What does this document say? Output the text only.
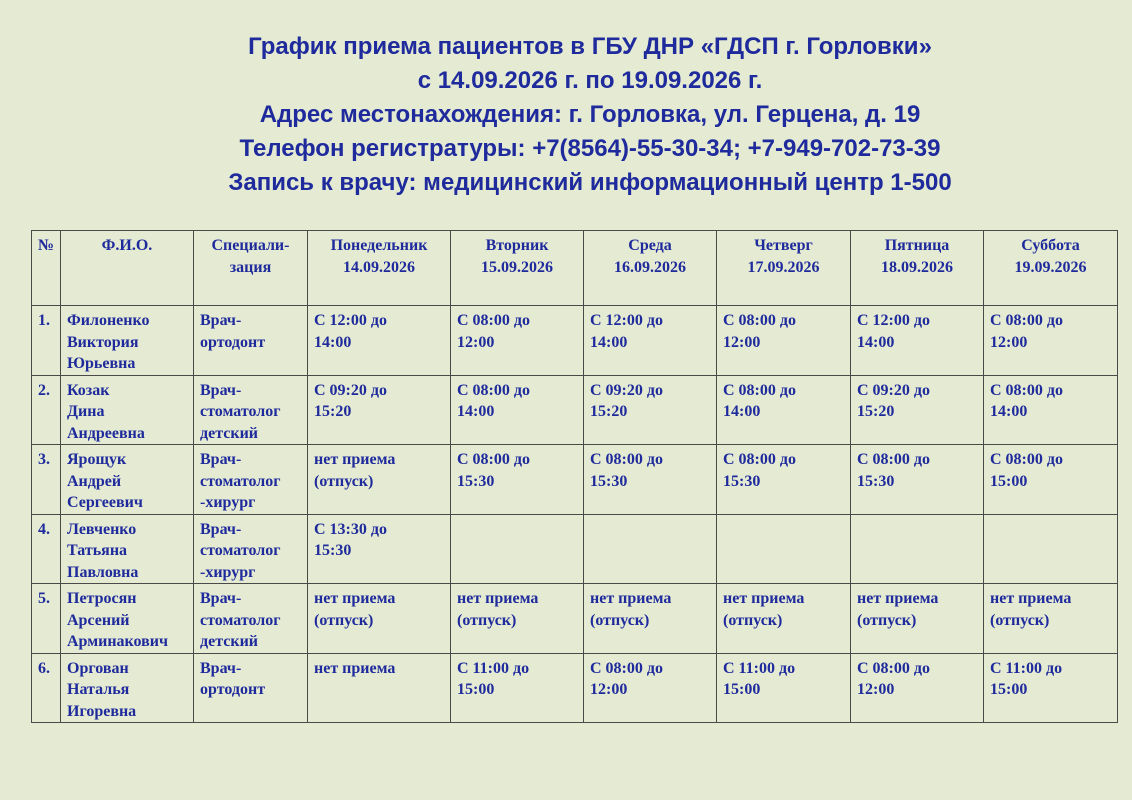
График приема пациентов в ГБУ ДНР «ГДСП г. Горловки»
с 14.09.2026 г. по 19.09.2026 г.
Адрес местонахождения: г. Горловка, ул. Герцена, д. 19
Телефон регистратуры: +7(8564)-55-30-34; +7-949-702-73-39
Запись к врачу: медицинский информационный центр 1-500
№	Ф.И.О.	Специали-
зация	Понедельник
14.09.2026	Вторник
15.09.2026	Среда
16.09.2026	Четверг
17.09.2026	Пятница
18.09.2026	Суббота
19.09.2026

1.	Филоненко
Виктория
Юрьевна	Врач-
ортодонт	С 12:00 до
14:00	С 08:00 до
12:00	С 12:00 до
14:00	С 08:00 до
12:00	С 12:00 до
14:00	С 08:00 до
12:00

2.	Козак
Дина
Андреевна	Врач-
стоматолог
детский	С 09:20 до
15:20	С 08:00 до
14:00	С 09:20 до
15:20	С 08:00 до
14:00	С 09:20 до
15:20	С 08:00 до
14:00

3.	Ярощук
Андрей
Сергеевич	Врач-
стоматолог
-хирург	нет приема
(отпуск)	С 08:00 до
15:30	С 08:00 до
15:30	С 08:00 до
15:30	С 08:00 до
15:30	С 08:00 до
15:00

4.	Левченко
Татьяна
Павловна	Врач-
стоматолог
-хирург	С 13:30 до
15:30					

5.	Петросян
Арсений
Арминакович	Врач-
стоматолог
детский	нет приема
(отпуск)	нет приема
(отпуск)	нет приема
(отпуск)	нет приема
(отпуск)	нет приема
(отпуск)	нет приема
(отпуск)

6.	Оргован
Наталья
Игоревна	Врач-
ортодонт	нет приема	С 11:00 до
15:00	С 08:00 до
12:00	С 11:00 до
15:00	С 08:00 до
12:00	С 11:00 до
15:00
